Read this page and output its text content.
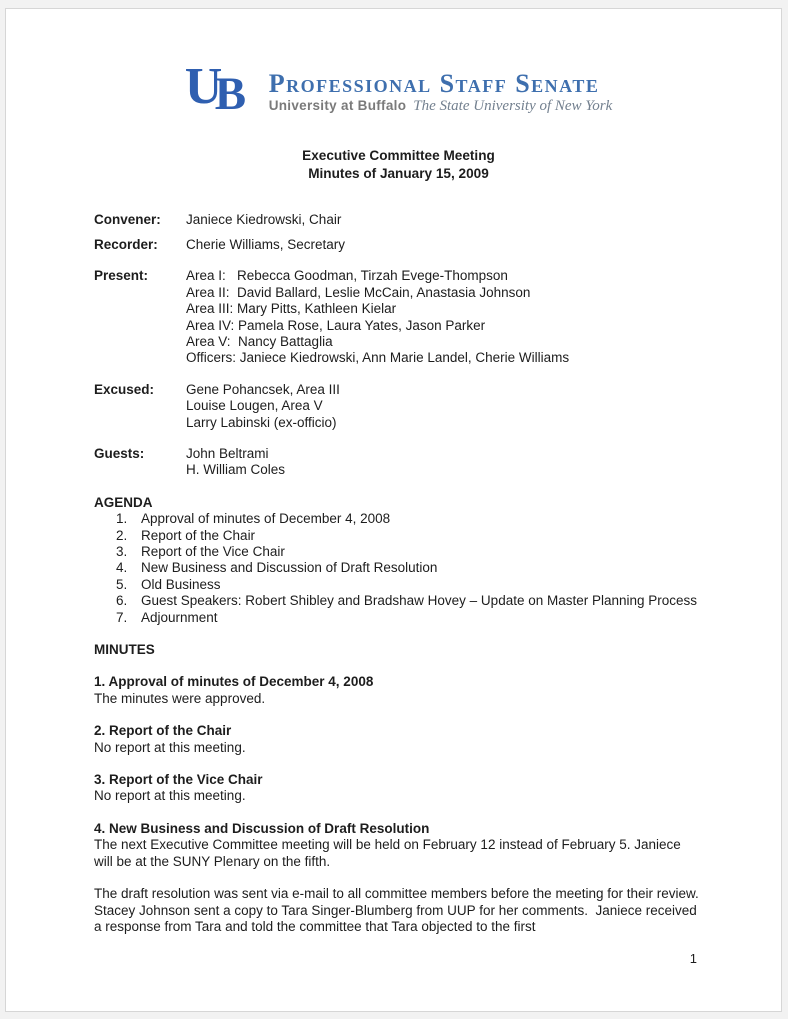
U
B Professional Staff Senate
University at Buffalo The State University of New York
Executive Committee Meeting
Minutes of January 15, 2009
Convener:	Janiece Kiedrowski, Chair
Recorder:	Cherie Williams, Secretary
Present:	Area I:   Rebecca Goodman, Tirzah Evege-Thompson
Area II:  David Ballard, Leslie McCain, Anastasia Johnson
Area III: Mary Pitts, Kathleen Kielar
Area IV: Pamela Rose, Laura Yates, Jason Parker
Area V:  Nancy Battaglia
Officers: Janiece Kiedrowski, Ann Marie Landel, Cherie Williams
Excused:	Gene Pohancsek, Area III
Louise Lougen, Area V
Larry Labinski (ex-officio)
Guests:	John Beltrami
H. William Coles
AGENDA
1.	Approval of minutes of December 4, 2008
2.	Report of the Chair
3.	Report of the Vice Chair
4.	New Business and Discussion of Draft Resolution
5.	Old Business
6.	Guest Speakers: Robert Shibley and Bradshaw Hovey – Update on Master Planning Process
7.	Adjournment
MINUTES
1. Approval of minutes of December 4, 2008

The minutes were approved.

2. Report of the Chair

No report at this meeting.

3. Report of the Vice Chair

No report at this meeting.

4. New Business and Discussion of Draft Resolution

The next Executive Committee meeting will be held on February 12 instead of February 5. Janiece will be at the SUNY Plenary on the fifth.

The draft resolution was sent via e-mail to all committee members before the meeting for their review.  Stacey Johnson sent a copy to Tara Singer-Blumberg from UUP for her comments.  Janiece received a response from Tara and told the committee that Tara objected to the first

1
